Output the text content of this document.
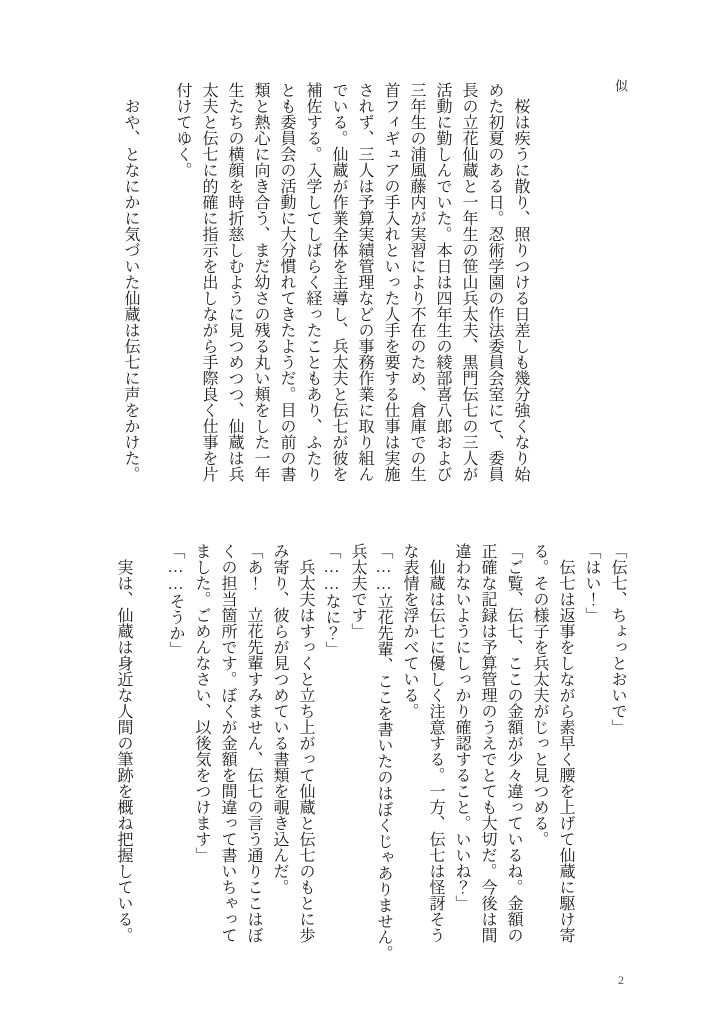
似
　桜は疾うに散り、照りつける日差しも幾分強くなり始
めた初夏のある日。忍術学園の作法委員会室にて、委員
長の立花仙蔵と一年生の笹山兵太夫、黒門伝七の三人が
活動に勤しんでいた。本日は四年生の綾部喜八郎および
三年生の浦風藤内が実習により不在のため、倉庫での生
首フィギュアの手入れといった人手を要する仕事は実施
されず、三人は予算実績管理などの事務作業に取り組ん
でいる。仙蔵が作業全体を主導し、兵太夫と伝七が彼を
補佐する。入学してしばらく経ったこともあり、ふたり
とも委員会の活動に大分慣れてきたようだ。目の前の書
類と熱心に向き合う、まだ幼さの残る丸い頬をした一年
生たちの横顔を時折慈しむように見つめつつ、仙蔵は兵
太夫と伝七に的確に指示を出しながら手際良く仕事を片
付けてゆく。

　おや、となにかに気づいた仙蔵は伝七に声をかけた。
「伝七、ちょっとおいで」
「はい！」
　伝七は返事をしながら素早く腰を上げて仙蔵に駆け寄
る。その様子を兵太夫がじっと見つめる。
「ご覧、伝七、ここの金額が少々違っているね。金額の
正確な記録は予算管理のうえでとても大切だ。今後は間
違わないようにしっかり確認すること。いいね？」
　仙蔵は伝七に優しく注意する。一方、伝七は怪訝そう
な表情を浮かべている。
「……立花先輩、ここを書いたのはぼくじゃありません。
兵太夫です」
「……なに？」
　兵太夫はすっくと立ち上がって仙蔵と伝七のもとに歩
み寄り、彼らが見つめている書類を覗き込んだ。
「あ！　立花先輩すみません、伝七の言う通りここはぼ
くの担当箇所です。ぼくが金額を間違って書いちゃって
ました。ごめんなさい、以後気をつけます」
「……そうか」

　実は、仙蔵は身近な人間の筆跡を概ね把握している。
2
